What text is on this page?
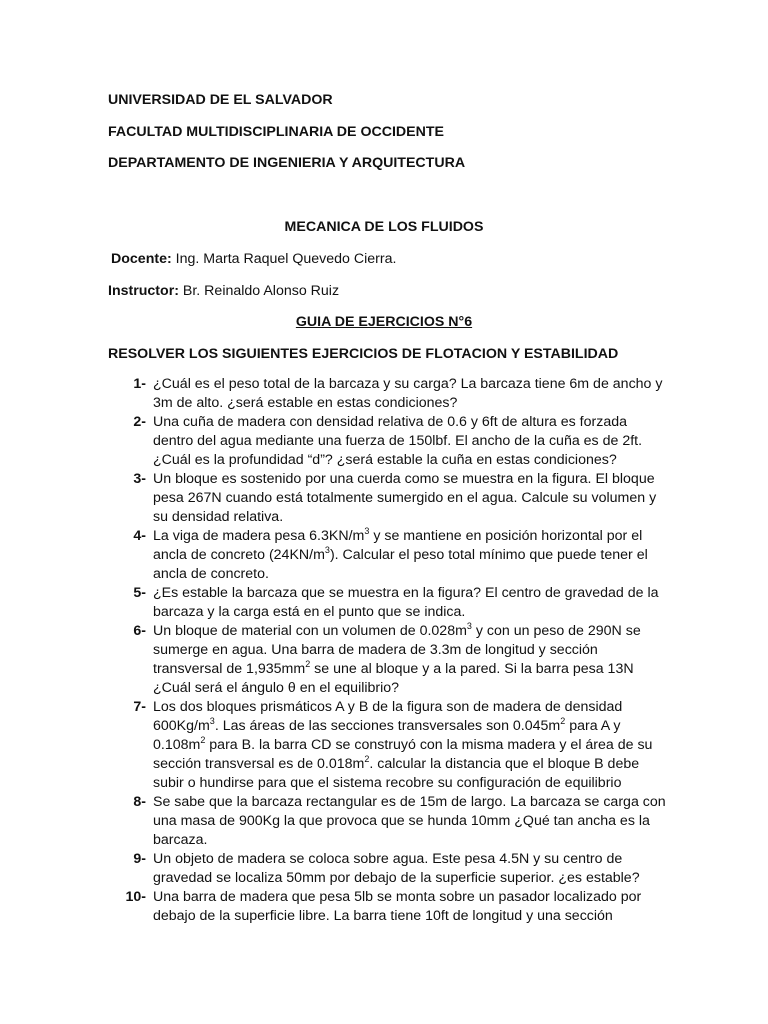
UNIVERSIDAD DE EL SALVADOR
FACULTAD MULTIDISCIPLINARIA DE OCCIDENTE
DEPARTAMENTO DE INGENIERIA Y ARQUITECTURA
MECANICA DE LOS FLUIDOS
Docente: Ing. Marta Raquel Quevedo Cierra.
Instructor: Br. Reinaldo Alonso Ruiz
GUIA DE EJERCICIOS N°6
RESOLVER LOS SIGUIENTES EJERCICIOS DE FLOTACION Y ESTABILIDAD
1- ¿Cuál es el peso total de la barcaza y su carga? La barcaza tiene 6m de ancho y 3m de alto. ¿será estable en estas condiciones?
2- Una cuña de madera con densidad relativa de 0.6 y 6ft de altura es forzada dentro del agua mediante una fuerza de 150lbf. El ancho de la cuña es de 2ft. ¿Cuál es la profundidad “d”? ¿será estable la cuña en estas condiciones?
3- Un bloque es sostenido por una cuerda como se muestra en la figura. El bloque pesa 267N cuando está totalmente sumergido en el agua. Calcule su volumen y su densidad relativa.
4- La viga de madera pesa $6.3KN/m^3$ y se mantiene en posición horizontal por el ancla de concreto $(24KN/m^3)$. Calcular el peso total mínimo que puede tener el ancla de concreto.
5- ¿Es estable la barcaza que se muestra en la figura? El centro de gravedad de la barcaza y la carga está en el punto que se indica.
6- Un bloque de material con un volumen de $0.028m^3$ y con un peso de 290N se sumerge en agua. Una barra de madera de 3.3m de longitud y sección transversal de $1,935mm^2$ se une al bloque y a la pared. Si la barra pesa 13N ¿Cuál será el ángulo θ en el equilibrio?
7- Los dos bloques prismáticos A y B de la figura son de madera de densidad $600Kg/m^3$. Las áreas de las secciones transversales son $0.045m^2$ para A y $0.108m^2$ para B. la barra CD se construyó con la misma madera y el área de su sección transversal es de $0.018m^2$. calcular la distancia que el bloque B debe subir o hundirse para que el sistema recobre su configuración de equilibrio
8- Se sabe que la barcaza rectangular es de 15m de largo. La barcaza se carga con una masa de 900Kg la que provoca que se hunda 10mm ¿Qué tan ancha es la barcaza.
9- Un objeto de madera se coloca sobre agua. Este pesa 4.5N y su centro de gravedad se localiza 50mm por debajo de la superficie superior. ¿es estable?
10- Una barra de madera que pesa 5lb se monta sobre un pasador localizado por debajo de la superficie libre. La barra tiene 10ft de longitud y una sección
